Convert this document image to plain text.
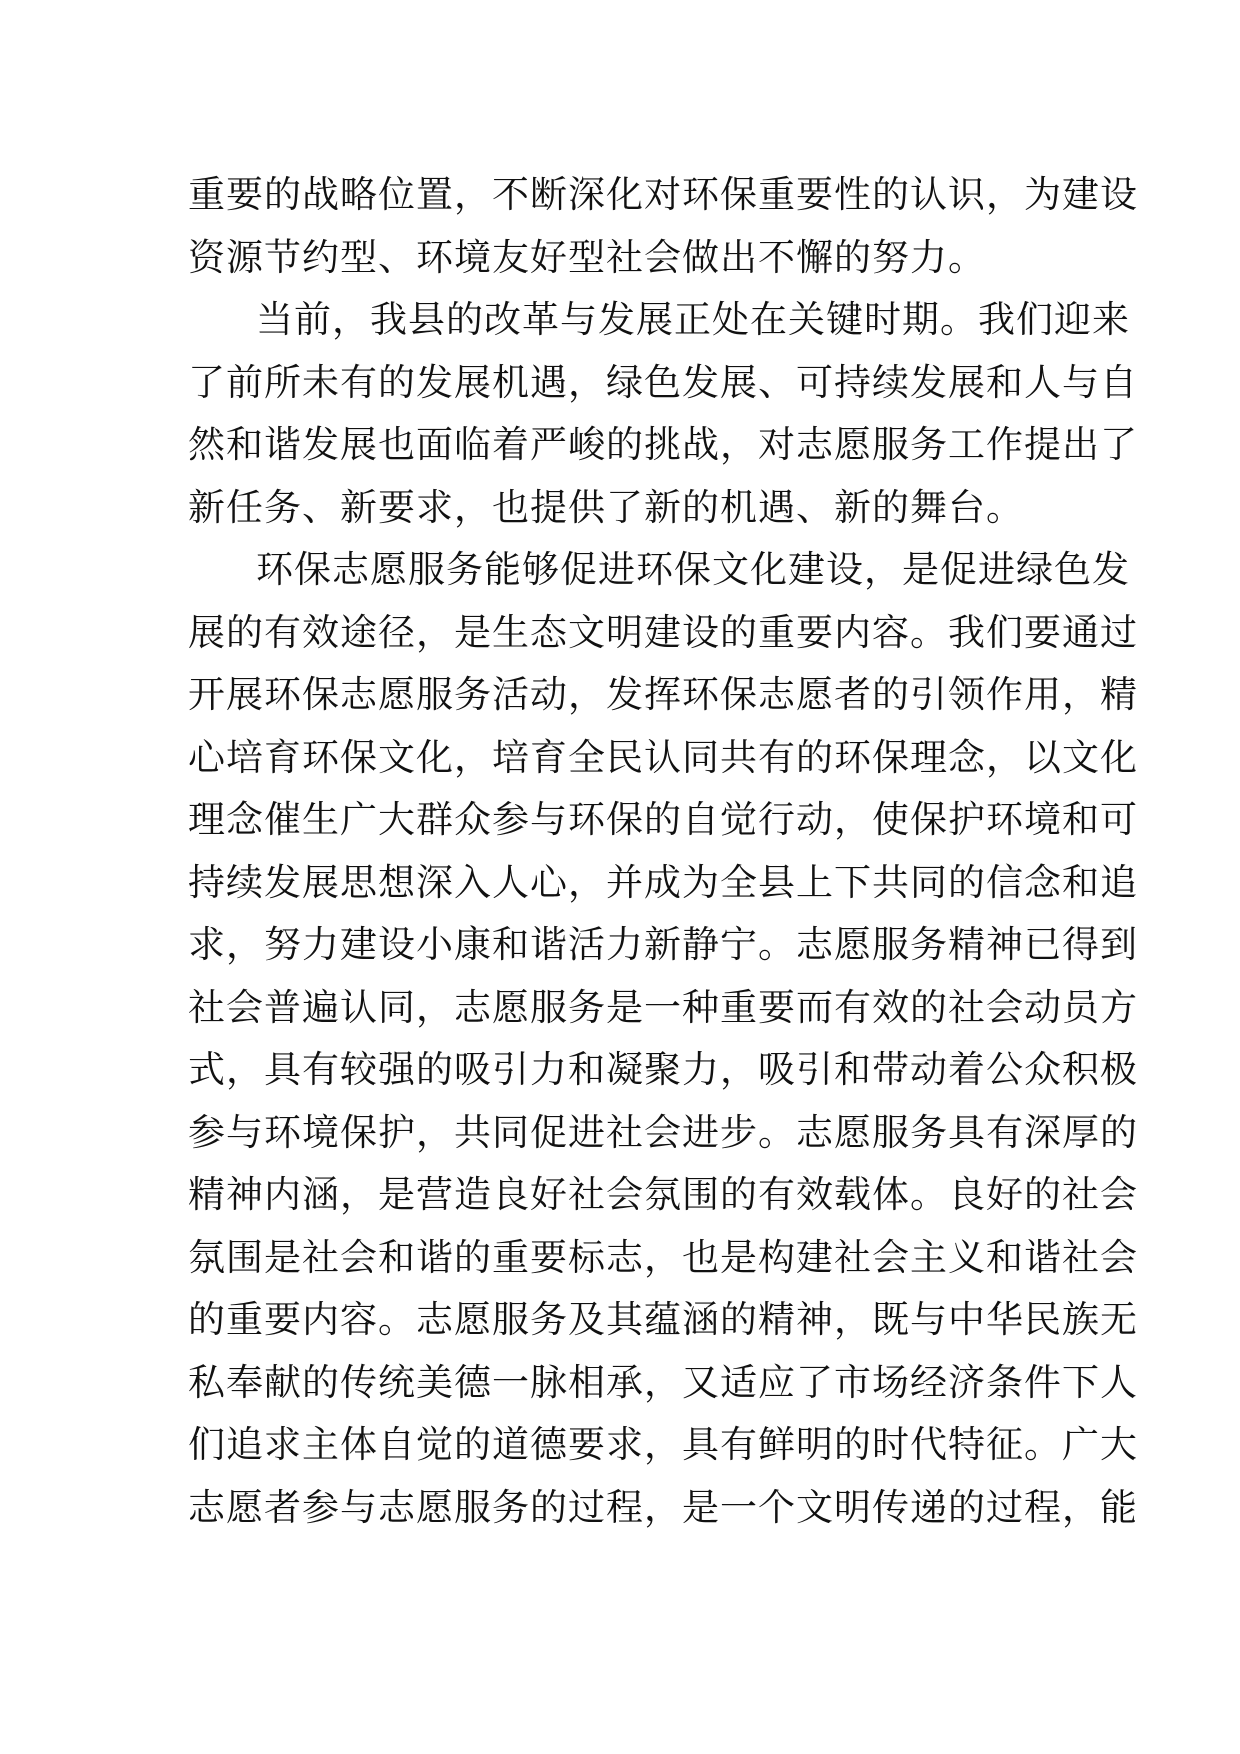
重要的战略位置，不断深化对环保重要性的认识，为建设
资源节约型、环境友好型社会做出不懈的努力。
当前，我县的改革与发展正处在关键时期。我们迎来
了前所未有的发展机遇，绿色发展、可持续发展和人与自
然和谐发展也面临着严峻的挑战，对志愿服务工作提出了
新任务、新要求，也提供了新的机遇、新的舞台。
环保志愿服务能够促进环保文化建设，是促进绿色发
展的有效途径，是生态文明建设的重要内容。我们要通过
开展环保志愿服务活动，发挥环保志愿者的引领作用，精
心培育环保文化，培育全民认同共有的环保理念，以文化
理念催生广大群众参与环保的自觉行动，使保护环境和可
持续发展思想深入人心，并成为全县上下共同的信念和追
求，努力建设小康和谐活力新静宁。志愿服务精神已得到
社会普遍认同，志愿服务是一种重要而有效的社会动员方
式，具有较强的吸引力和凝聚力，吸引和带动着公众积极
参与环境保护，共同促进社会进步。志愿服务具有深厚的
精神内涵，是营造良好社会氛围的有效载体。良好的社会
氛围是社会和谐的重要标志，也是构建社会主义和谐社会
的重要内容。志愿服务及其蕴涵的精神，既与中华民族无
私奉献的传统美德一脉相承，又适应了市场经济条件下人
们追求主体自觉的道德要求，具有鲜明的时代特征。广大
志愿者参与志愿服务的过程，是一个文明传递的过程，能
